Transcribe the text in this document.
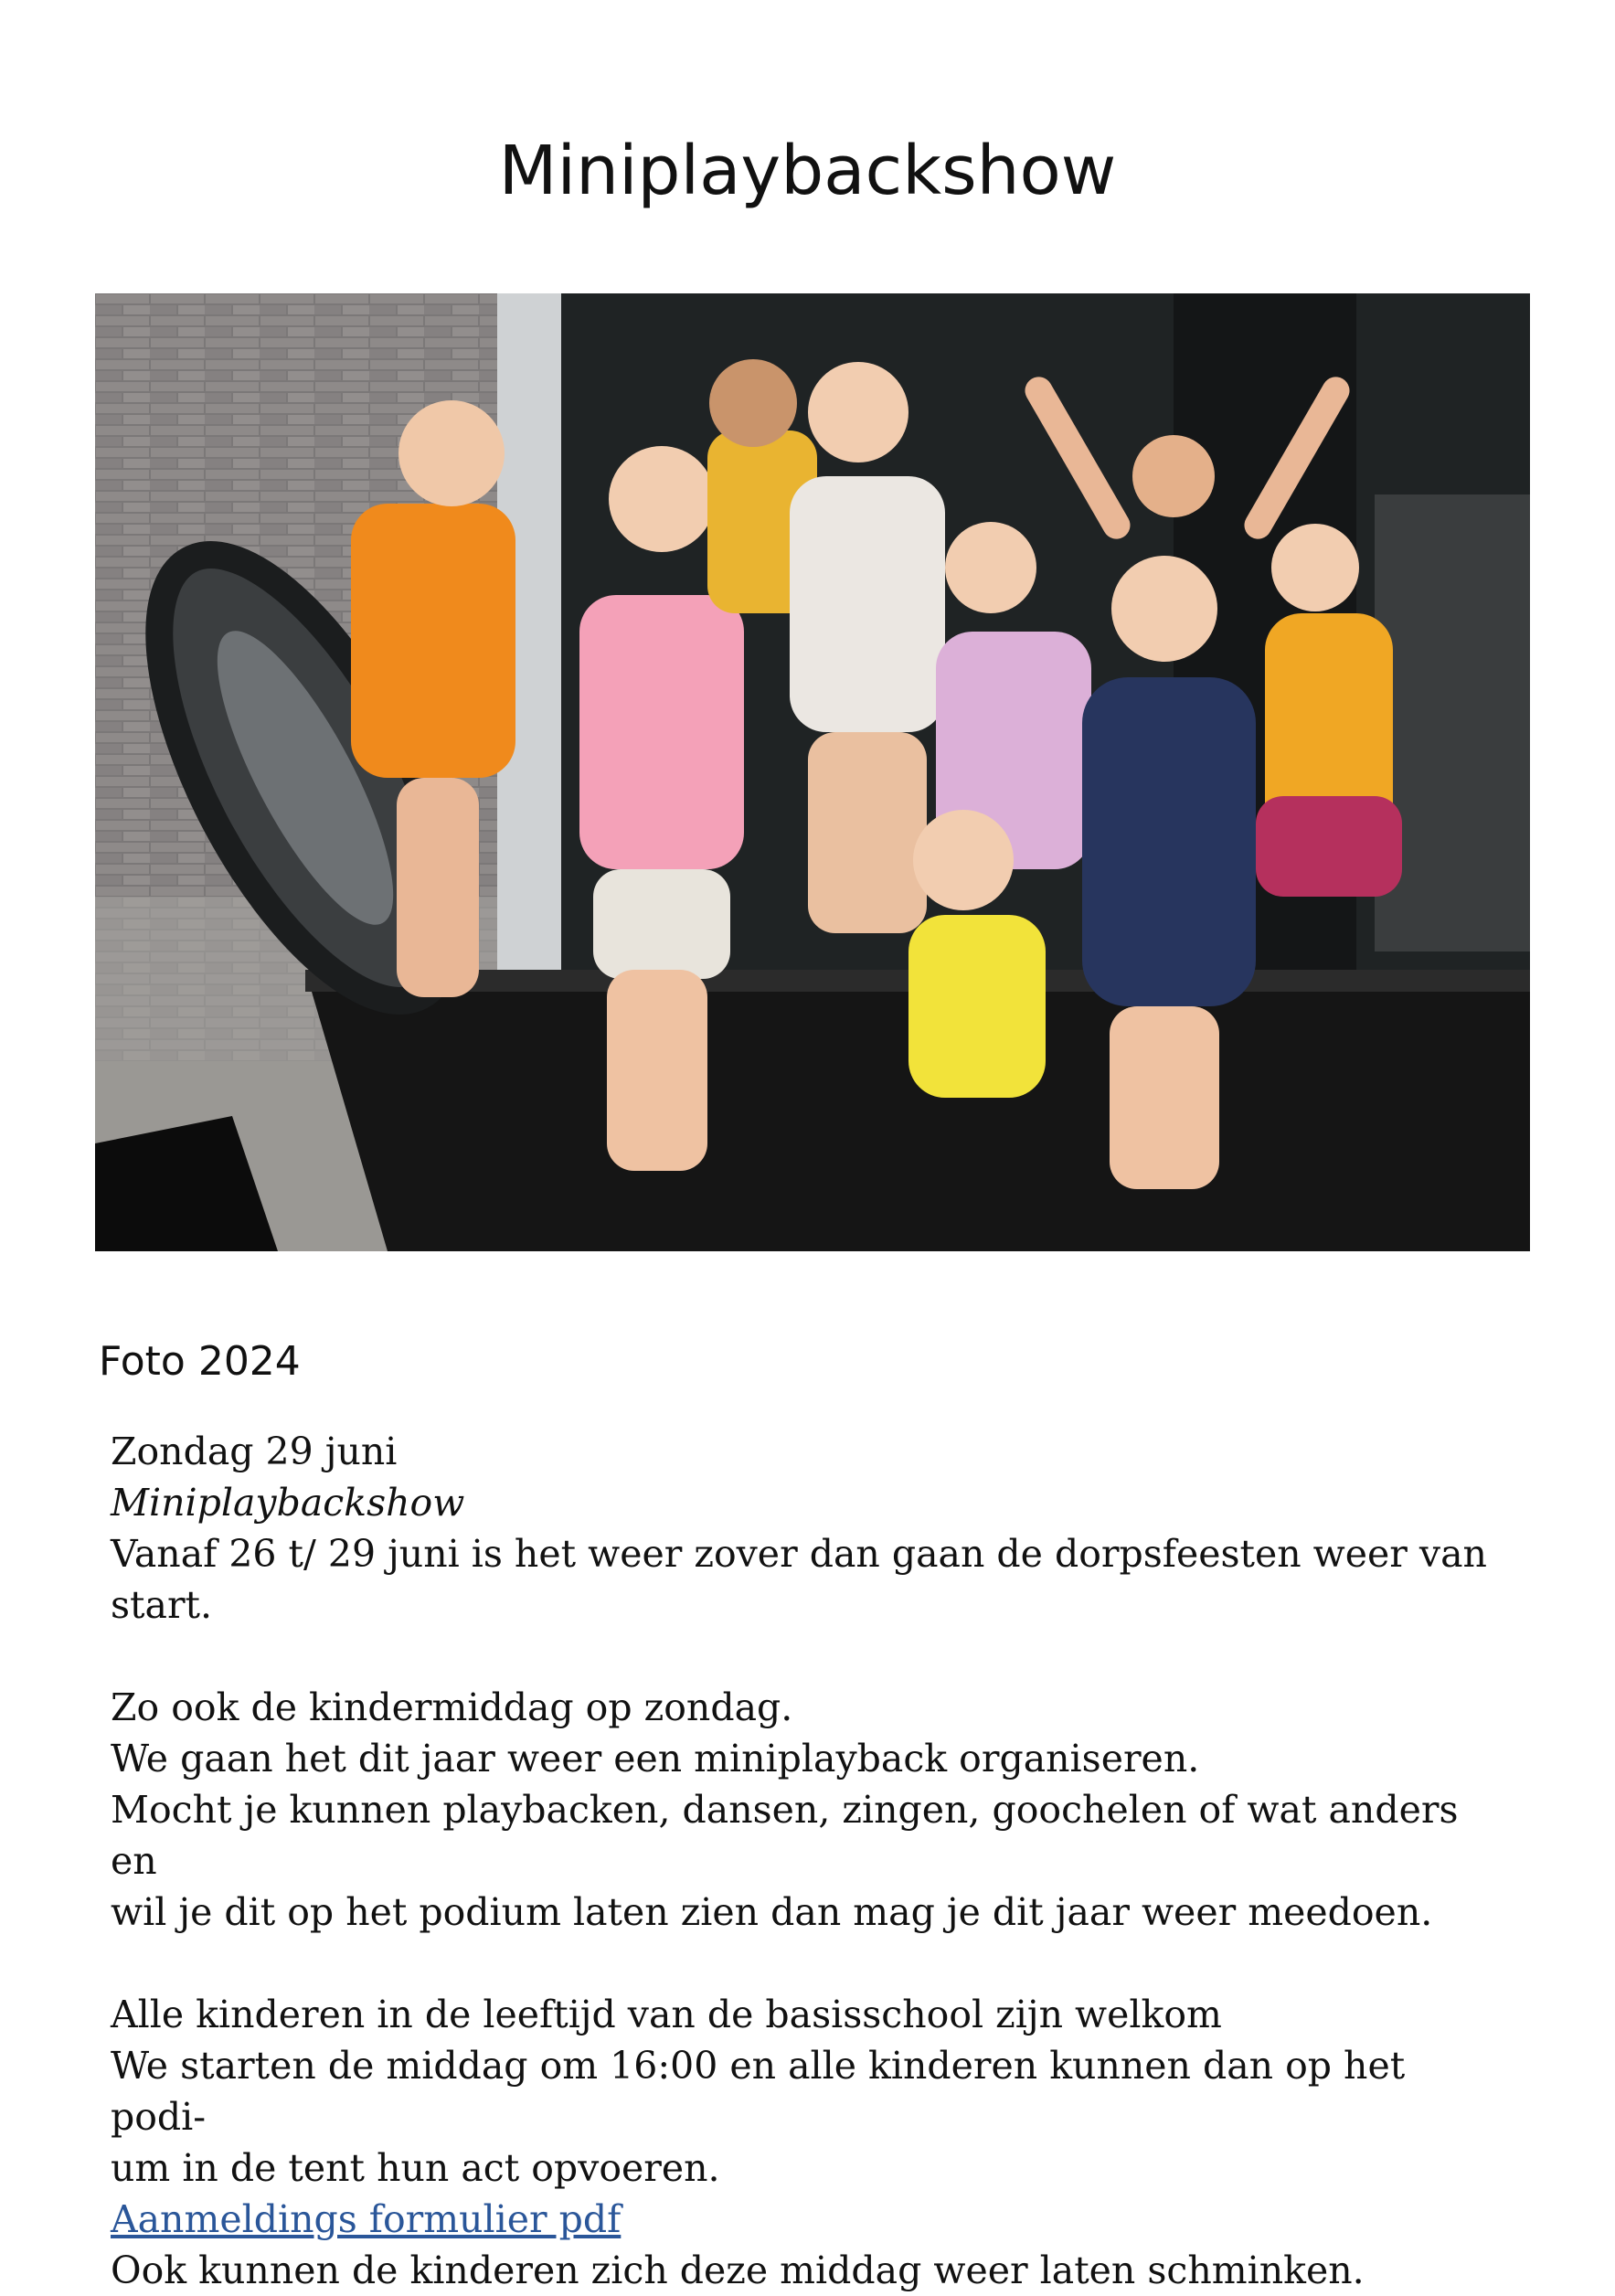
Miniplaybackshow
Foto 2024

Zondag 29 juni

Miniplaybackshow

Vanaf 26 t/ 29 juni is het weer zover dan gaan de dorpsfeesten weer van

start.

Zo ook de kindermiddag op zondag.

We gaan het dit jaar weer een miniplayback organiseren.

Mocht je kunnen playbacken, dansen, zingen, goochelen of wat anders en

wil je dit op het podium laten zien dan mag je dit jaar weer meedoen.

Alle kinderen in de leeftijd van de basisschool zijn welkom

We starten de middag om 16:00 en alle kinderen kunnen dan op het podi-

um in de tent hun act opvoeren.

Aanmeldings formulier pdf

Ook kunnen de kinderen zich deze middag weer laten schminken.
